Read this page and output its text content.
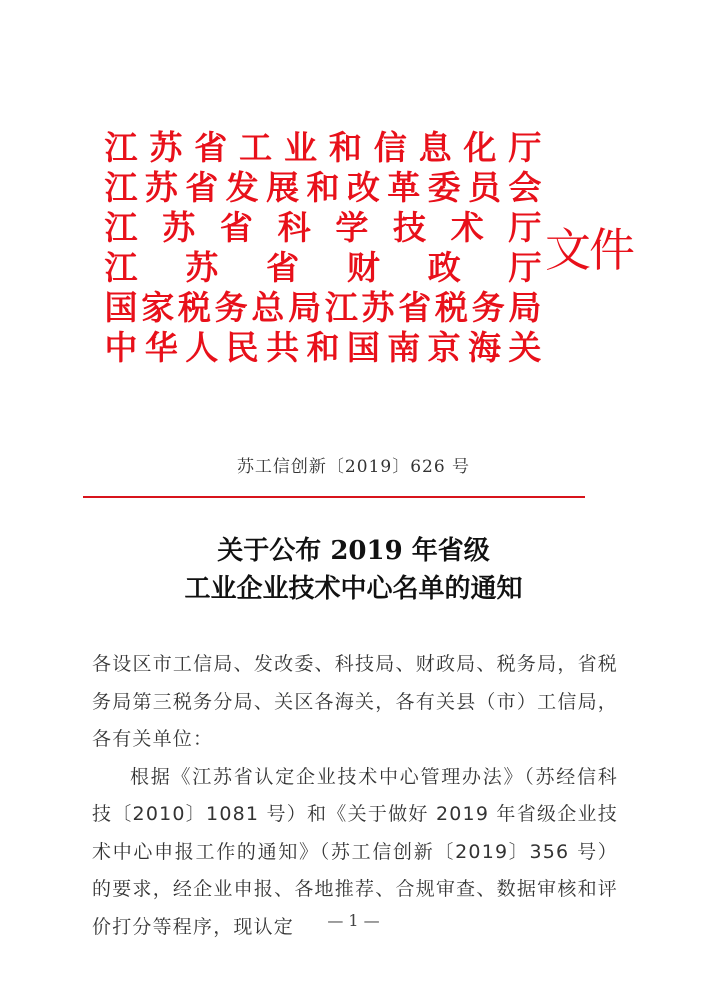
江 苏 省 工 业 和 信 息 化 厅
江 苏 省 发 展 和 改 革 委 员 会
江 苏 省 科 学 技 术 厅
江 苏 省 财 政 厅
国 家 税 务 总 局 江 苏 省 税 务 局
中 华 人 民 共 和 国 南 京 海 关
文件
苏工信创新〔2019〕626 号
关于公布 2019 年省级
工业企业技术中心名单的通知

各设区市工信局、发改委、科技局、财政局、税务局，省税务局第三税务分局、关区各海关，各有关县（市）工信局，各有关单位：

根据《江苏省认定企业技术中心管理办法》（苏经信科技〔2010〕1081 号）和《关于做好 2019 年省级企业技术中心申报工作的通知》（苏工信创新〔2019〕356 号）的要求，经企业申报、各地推荐、合规审查、数据审核和评价打分等程序，现认定	— 1 —
